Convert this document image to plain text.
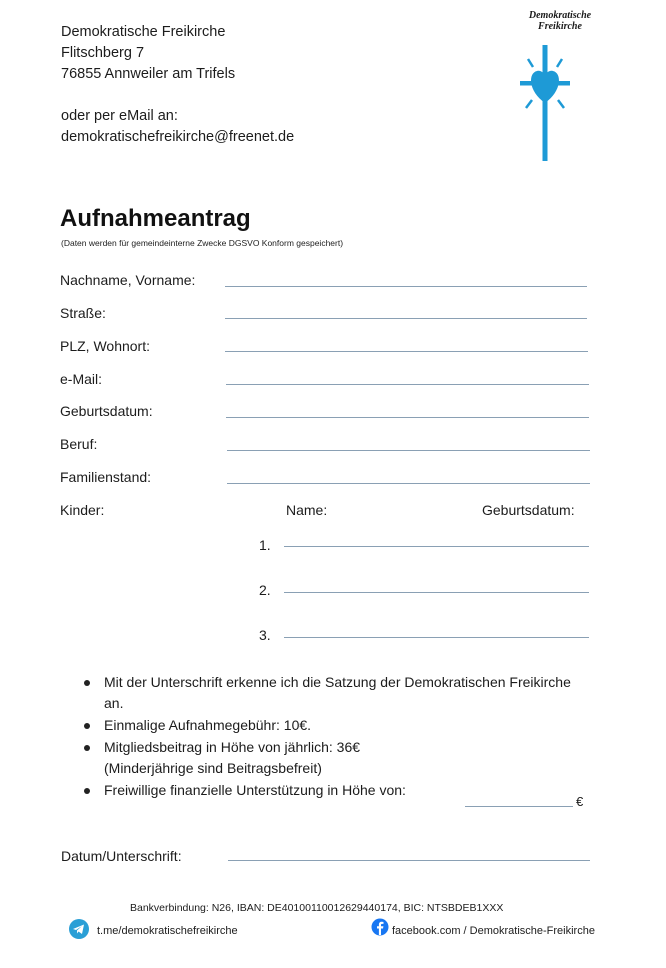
Demokratische Freikirche
Flitschberg 7
76855 Annweiler am Trifels
oder per eMail an:
demokratischefreikirche@freenet.de
Demokratische
Freikirche
Aufnahmeantrag
(Daten werden für gemeindeinterne Zwecke DGSVO Konform gespeichert)
Nachname, Vorname:
Straße:
PLZ, Wohnort:
e-Mail:
Geburtsdatum:
Beruf:
Familienstand:
Kinder:	Name:	Geburtsdatum:
1.
2.
3.
Mit der Unterschrift erkenne ich die Satzung der Demokratischen Freikirche an.
Einmalige Aufnahmegebühr: 10€.
Mitgliedsbeitrag in Höhe von jährlich: 36€ (Minderjährige sind Beitragsbefreit)
Freiwillige finanzielle Unterstützung in Höhe von:
€
Datum/Unterschrift:
Bankverbindung: N26, IBAN: DE40100110012629440174, BIC: NTSBDEB1XXX
t.me/demokratischefreikirche	facebook.com / Demokratische-Freikirche
